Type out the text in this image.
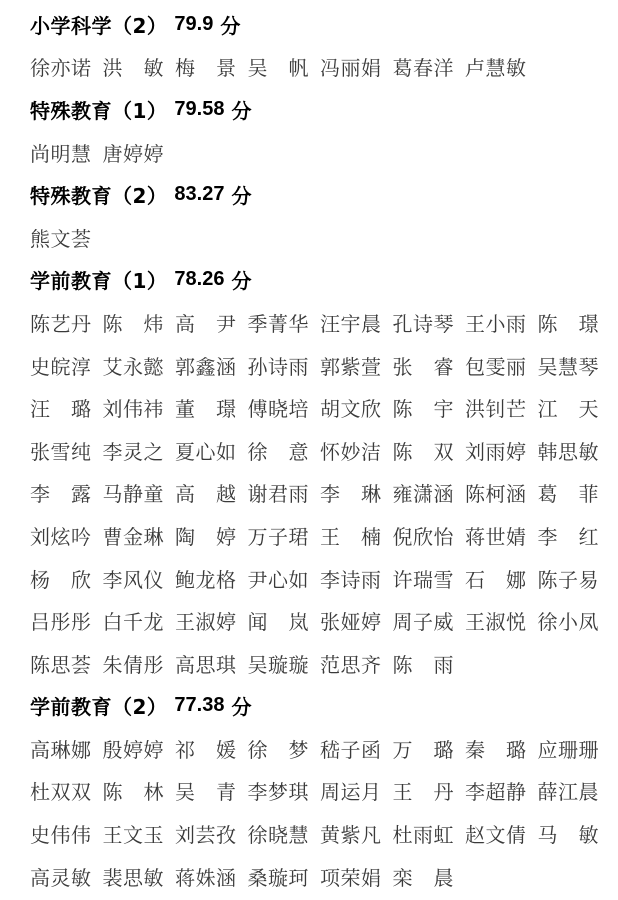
小学科学（2） 79.9 分
徐亦诺 洪　敏 梅　景 吴　帆 冯丽娟 葛春洋 卢慧敏
特殊教育（1） 79.58 分
尚明慧 唐婷婷
特殊教育（2） 83.27 分
熊文荟
学前教育（1） 78.26 分
陈艺丹 陈　炜 高　尹 季菁华 汪宇晨 孔诗琴 王小雨 陈　璟
史皖淳 艾永懿 郭鑫涵 孙诗雨 郭紫萱 张　睿 包雯丽 吴慧琴
汪　璐 刘伟祎 董　璟 傅晓培 胡文欣 陈　宇 洪钊芒 江　天
张雪纯 李灵之 夏心如 徐　意 怀妙洁 陈　双 刘雨婷 韩思敏
李　露 马静童 高　越 谢君雨 李　琳 雍潇涵 陈柯涵 葛　菲
刘炫吟 曹金琳 陶　婷 万子珺 王　楠 倪欣怡 蒋世婧 李　红
杨　欣 李风仪 鲍龙格 尹心如 李诗雨 许瑞雪 石　娜 陈子易
吕彤彤 白千龙 王淑婷 闻　岚 张娅婷 周子威 王淑悦 徐小凤
陈思荟 朱倩彤 高思琪 吴璇璇 范思齐 陈　雨
学前教育（2） 77.38 分
高琳娜 殷婷婷 祁　媛 徐　梦 嵇子函 万　璐 秦　璐 应珊珊
杜双双 陈　林 吴　青 李梦琪 周运月 王　丹 李超静 薛江晨
史伟伟 王文玉 刘芸孜 徐晓慧 黄紫凡 杜雨虹 赵文倩 马　敏
高灵敏 裴思敏 蒋姝涵 桑璇珂 项荣娟 栾　晨
